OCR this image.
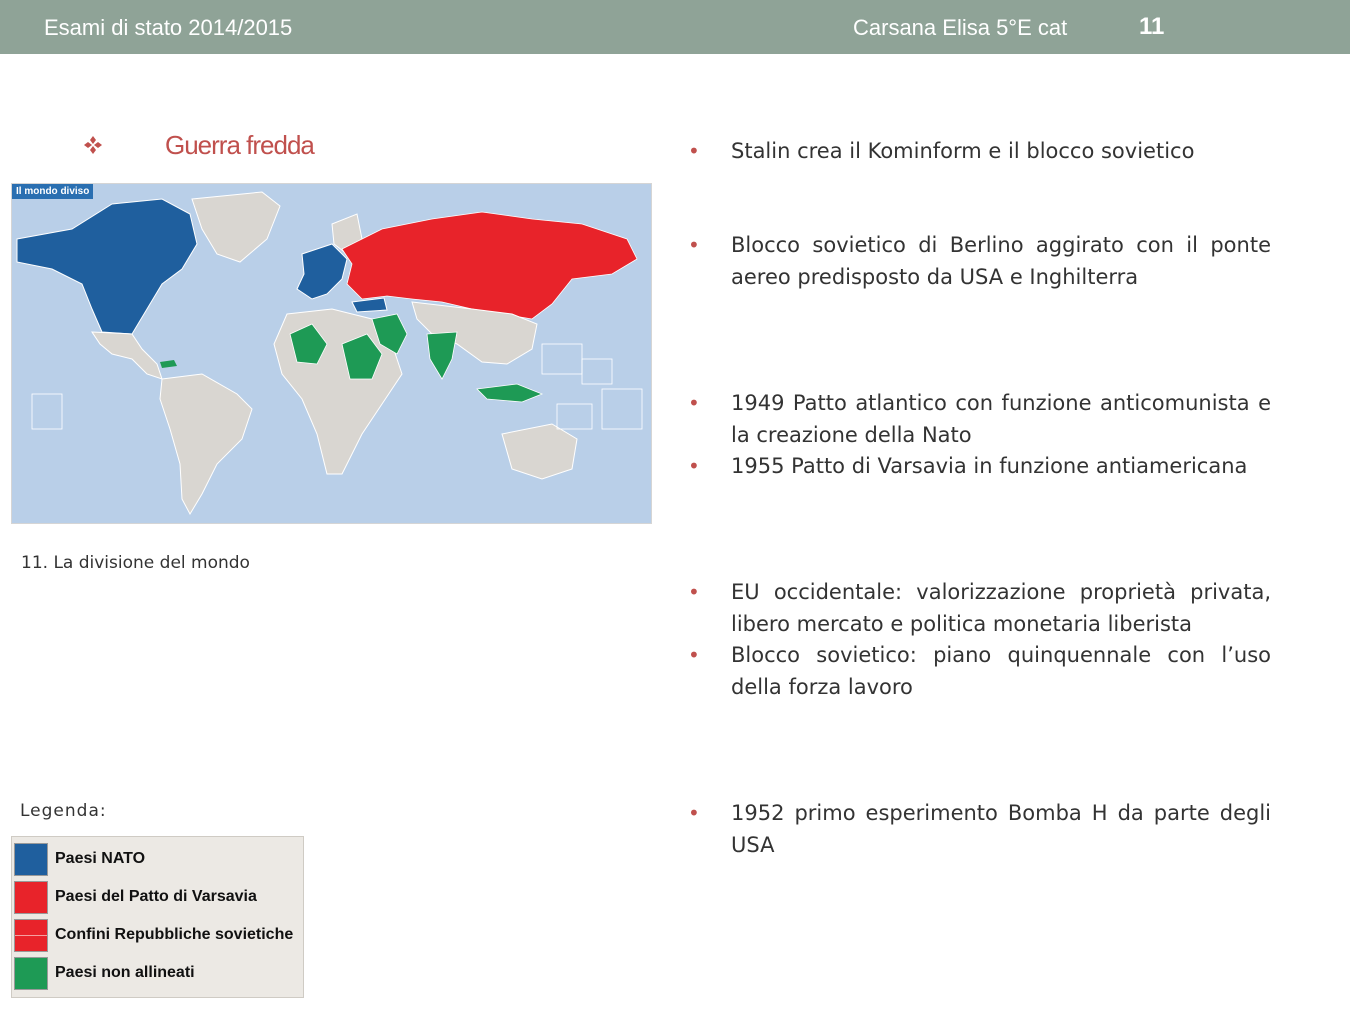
Esami di stato 2014/2015	Carsana Elisa 5°E cat	11
Guerra fredda
Il mondo diviso
11. La divisione del mondo
Legenda:
Paesi NATO
Paesi del Patto di Varsavia
Confini Repubbliche sovietiche
Paesi non allineati
• Stalin crea il Kominform e il blocco sovietico
• Blocco sovietico di Berlino aggirato con il ponte aereo predisposto da USA e Inghilterra
• 1949 Patto atlantico con funzione anticomunista e la creazione della Nato
• 1955 Patto di Varsavia in funzione antiamericana
• EU occidentale: valorizzazione proprietà privata, libero mercato e politica monetaria liberista
• Blocco sovietico: piano quinquennale con l’uso della forza lavoro
• 1952 primo esperimento Bomba H da parte degli USA
